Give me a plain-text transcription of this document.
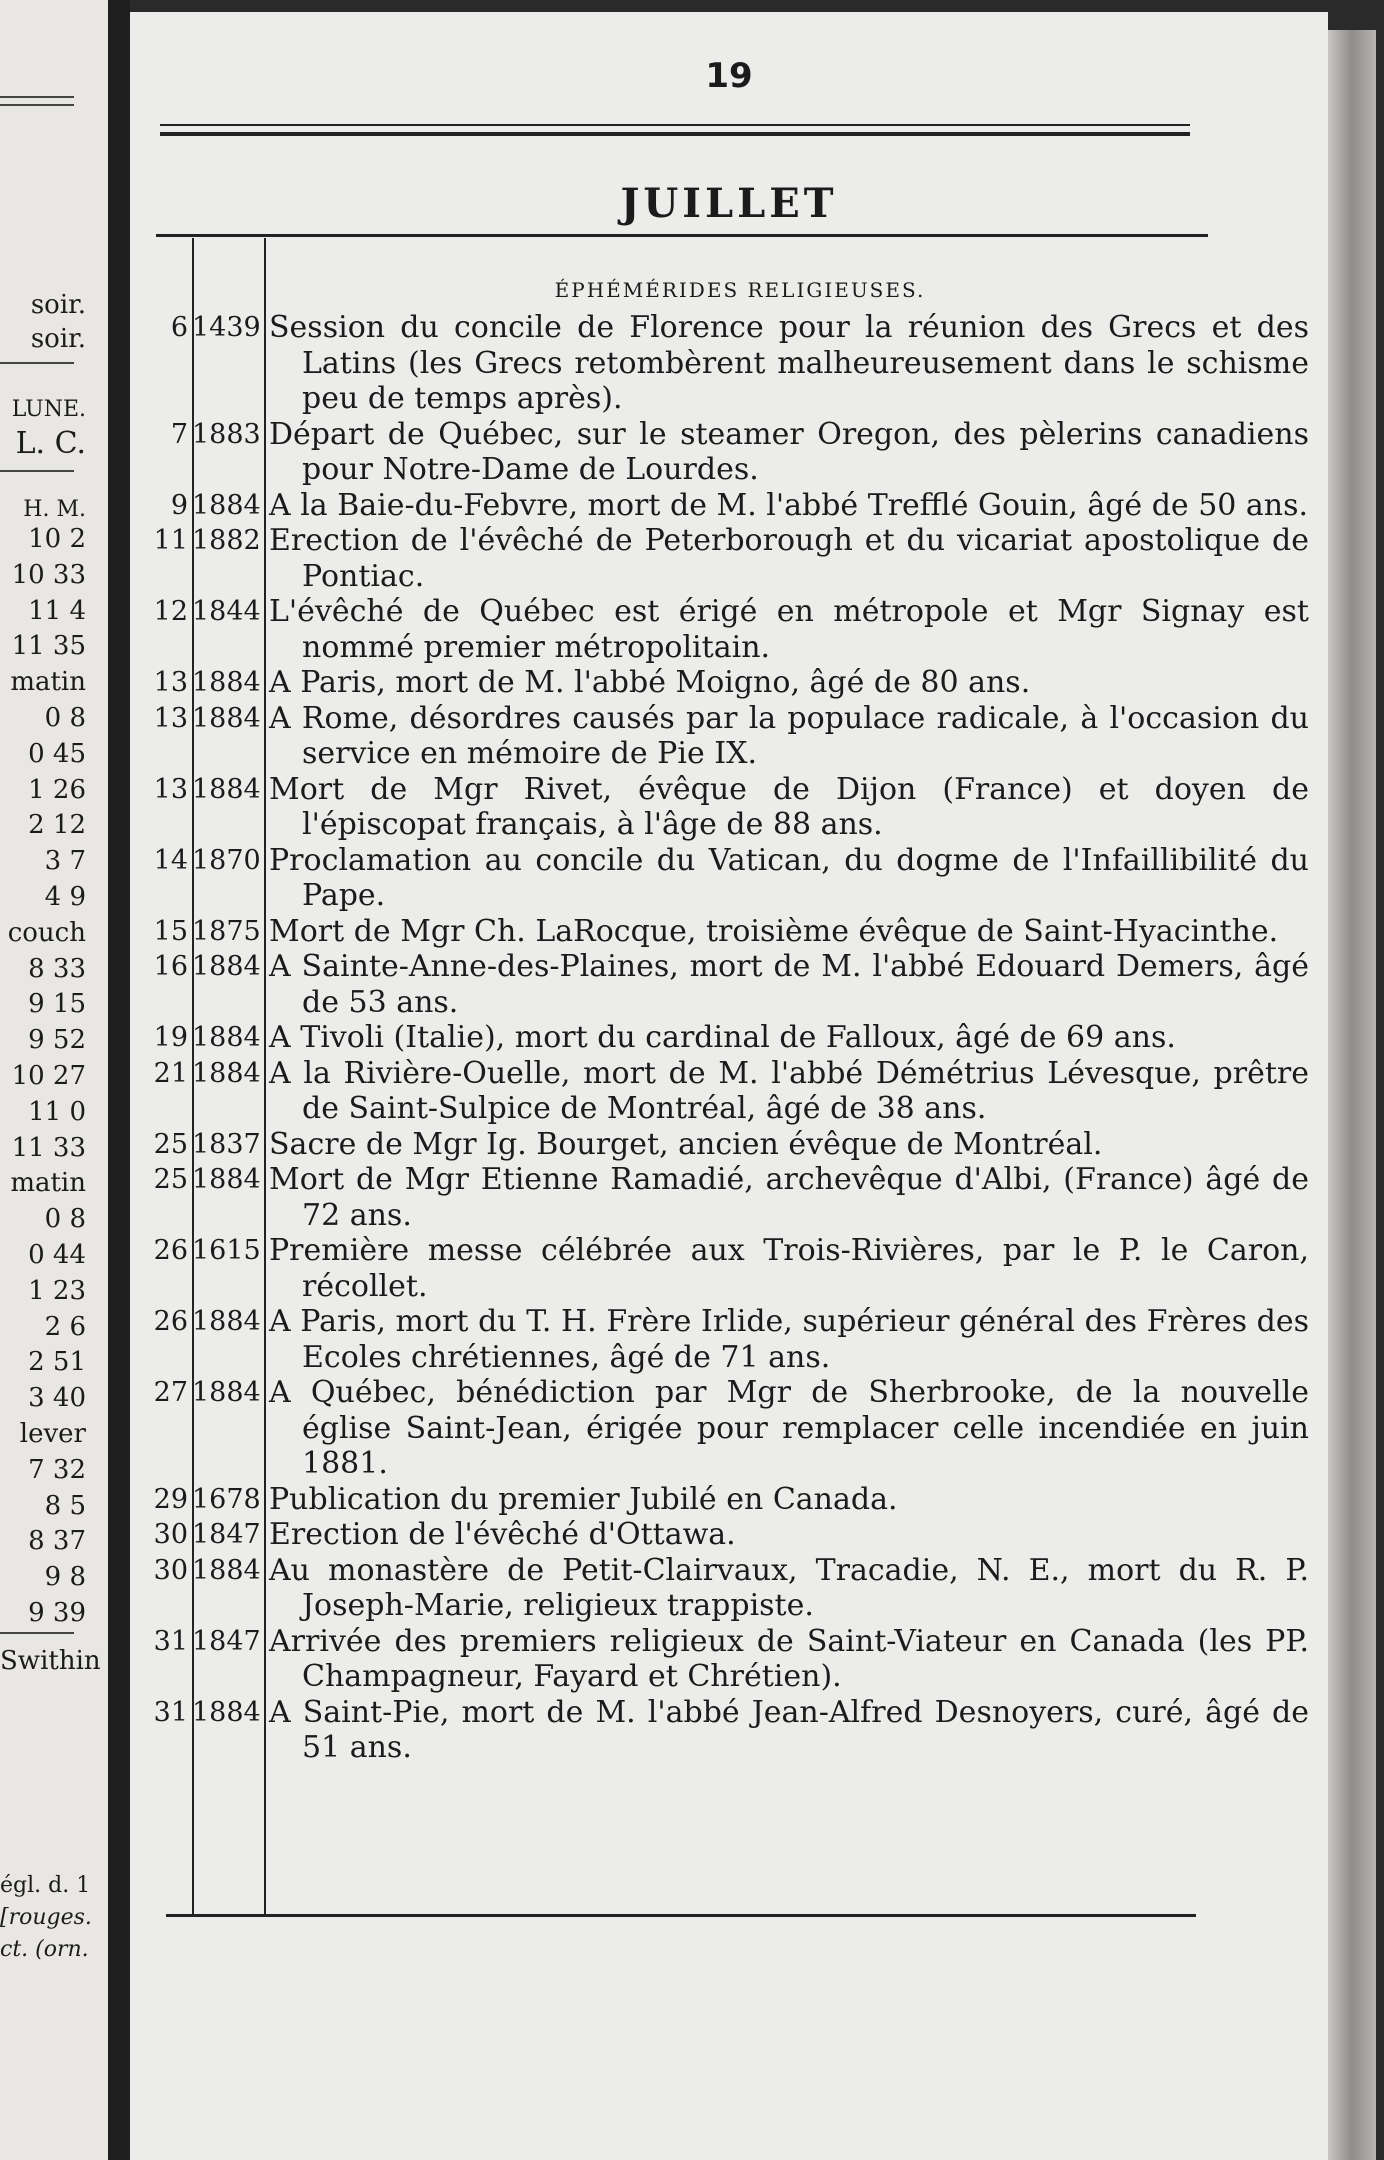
soir.
soir.
LUNE.
L. C.
H. M.
10 2
10 33
11 4
11 35
matin
0 8
0 45
1 26
2 12
3 7
4 9
couch
8 33
9 15
9 52
10 27
11 0
11 33
matin
0 8
0 44
1 23
2 6
2 51
3 40
lever
7 32
8 5
8 37
9 8
9 39
Swithin
égl. d. 1
[rouges.
ct. (orn.
19
JUILLET
ÉPHÉMÉRIDES RELIGIEUSES.
6 1439 Session du concile de Florence pour la réunion des Grecs et des Latins (les Grecs retombèrent malheureusement dans le schisme peu de temps après).
7 1883 Départ de Québec, sur le steamer Oregon, des pèlerins canadiens pour Notre-Dame de Lourdes.
9 1884 A la Baie-du-Febvre, mort de M. l'abbé Trefflé Gouin, âgé de 50 ans.
11 1882 Erection de l'évêché de Peterborough et du vicariat apostolique de Pontiac.
12 1844 L'évêché de Québec est érigé en métropole et Mgr Signay est nommé premier métropolitain.
13 1884 A Paris, mort de M. l'abbé Moigno, âgé de 80 ans.
13 1884 A Rome, désordres causés par la populace radicale, à l'occasion du service en mémoire de Pie IX.
13 1884 Mort de Mgr Rivet, évêque de Dijon (France) et doyen de l'épiscopat français, à l'âge de 88 ans.
14 1870 Proclamation au concile du Vatican, du dogme de l'Infaillibilité du Pape.
15 1875 Mort de Mgr Ch. LaRocque, troisième évêque de Saint-Hyacinthe.
16 1884 A Sainte-Anne-des-Plaines, mort de M. l'abbé Edouard Demers, âgé de 53 ans.
19 1884 A Tivoli (Italie), mort du cardinal de Falloux, âgé de 69 ans.
21 1884 A la Rivière-Ouelle, mort de M. l'abbé Démétrius Lévesque, prêtre de Saint-Sulpice de Montréal, âgé de 38 ans.
25 1837 Sacre de Mgr Ig. Bourget, ancien évêque de Montréal.
25 1884 Mort de Mgr Etienne Ramadié, archevêque d'Albi, (France) âgé de 72 ans.
26 1615 Première messe célébrée aux Trois-Rivières, par le P. le Caron, récollet.
26 1884 A Paris, mort du T. H. Frère Irlide, supérieur général des Frères des Ecoles chrétiennes, âgé de 71 ans.
27 1884 A Québec, bénédiction par Mgr de Sherbrooke, de la nouvelle église Saint-Jean, érigée pour remplacer celle incendiée en juin 1881.
29 1678 Publication du premier Jubilé en Canada.
30 1847 Erection de l'évêché d'Ottawa.
30 1884 Au monastère de Petit-Clairvaux, Tracadie, N. E., mort du R. P. Joseph-Marie, religieux trappiste.
31 1847 Arrivée des premiers religieux de Saint-Viateur en Canada (les PP. Champagneur, Fayard et Chrétien).
31 1884 A Saint-Pie, mort de M. l'abbé Jean-Alfred Desnoyers, curé, âgé de 51 ans.
